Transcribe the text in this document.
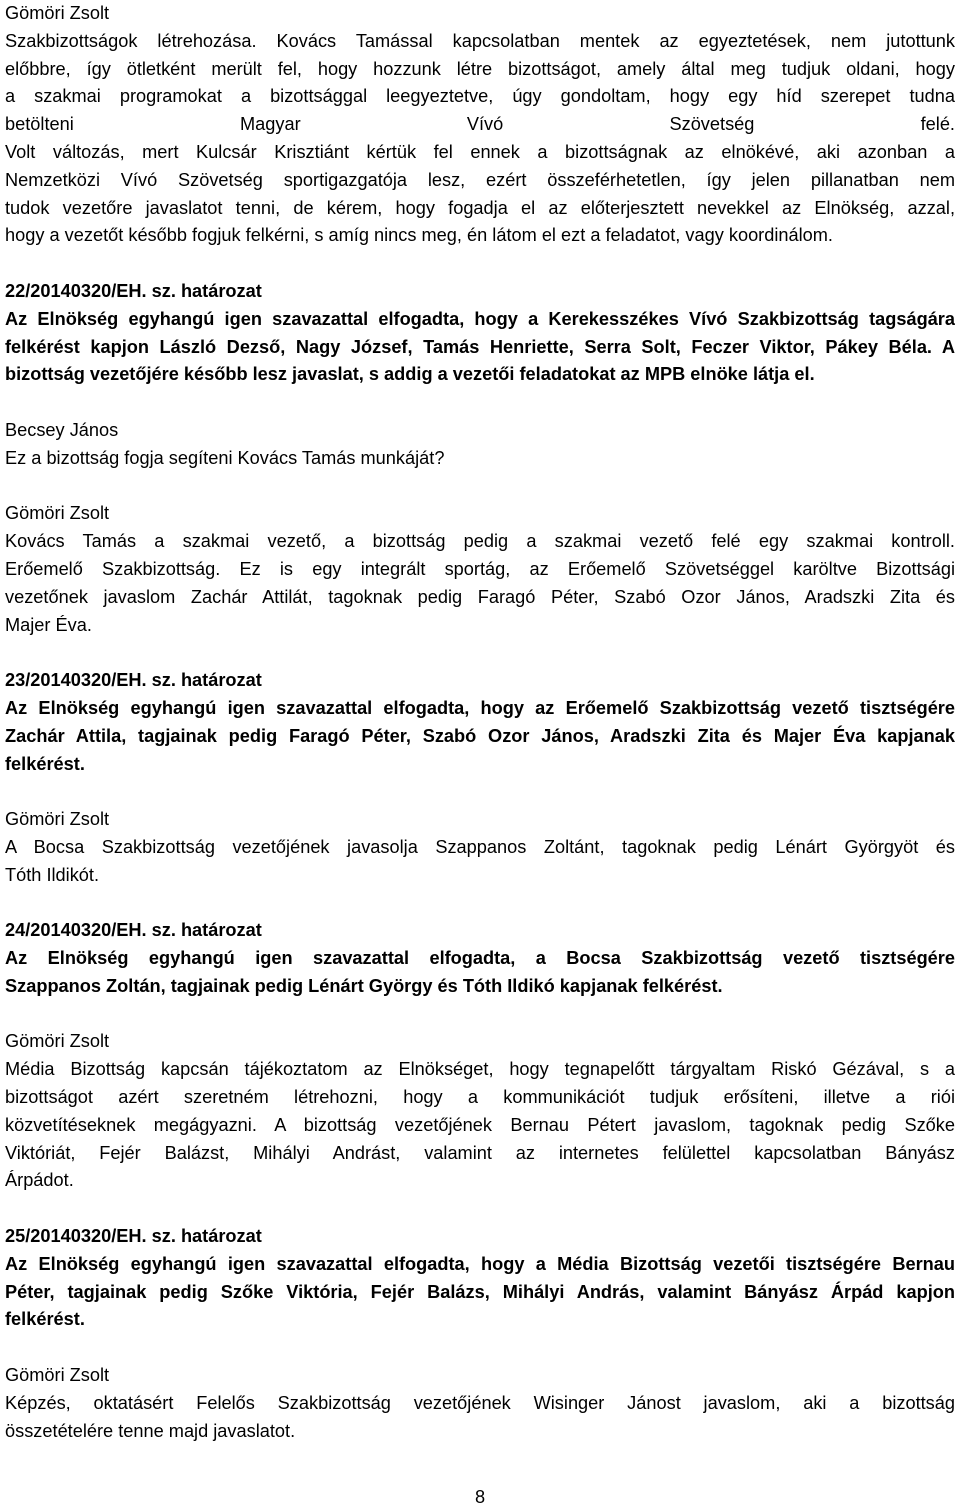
Gömöri Zsolt
Szakbizottságok létrehozása. Kovács Tamással kapcsolatban mentek az egyeztetések, nem jutottunk
előbbre, így ötletként merült fel, hogy hozzunk létre bizottságot, amely által meg tudjuk oldani, hogy
a szakmai programokat a bizottsággal leegyeztetve, úgy gondoltam, hogy egy híd szerepet tudna
betölteni Magyar Vívó Szövetség felé.
Volt változás, mert Kulcsár Krisztiánt kértük fel ennek a bizottságnak az elnökévé, aki azonban a
Nemzetközi Vívó Szövetség sportigazgatója lesz, ezért összeférhetetlen, így jelen pillanatban nem
tudok vezetőre javaslatot tenni, de kérem, hogy fogadja el az előterjesztett nevekkel az Elnökség, azzal,
hogy a vezetőt később fogjuk felkérni, s amíg nincs meg, én látom el ezt a feladatot, vagy koordinálom.
22/20140320/EH. sz. határozat
Az Elnökség egyhangú igen szavazattal elfogadta, hogy a Kerekesszékes Vívó Szakbizottság tagságára
felkérést kapjon László Dezső, Nagy József, Tamás Henriette, Serra Solt, Feczer Viktor, Pákey Béla. A
bizottság vezetőjére később lesz javaslat, s addig a vezetői feladatokat az MPB elnöke látja el.
Becsey János
Ez a bizottság fogja segíteni Kovács Tamás munkáját?
Gömöri Zsolt
Kovács Tamás a szakmai vezető, a bizottság pedig a szakmai vezető felé egy szakmai kontroll.
Erőemelő Szakbizottság. Ez is egy integrált sportág, az Erőemelő Szövetséggel karöltve Bizottsági
vezetőnek javaslom Zachár Attilát, tagoknak pedig Faragó Péter, Szabó Ozor János, Aradszki Zita és
Majer Éva.
23/20140320/EH. sz. határozat
Az Elnökség egyhangú igen szavazattal elfogadta, hogy az Erőemelő Szakbizottság vezető tisztségére
Zachár Attila, tagjainak pedig Faragó Péter, Szabó Ozor János, Aradszki Zita és Majer Éva kapjanak
felkérést.
Gömöri Zsolt
A Bocsa Szakbizottság vezetőjének javasolja Szappanos Zoltánt, tagoknak pedig Lénárt Györgyöt és
Tóth Ildikót.
24/20140320/EH. sz. határozat
Az Elnökség egyhangú igen szavazattal elfogadta, a Bocsa Szakbizottság vezető tisztségére
Szappanos Zoltán, tagjainak pedig Lénárt György és Tóth Ildikó kapjanak felkérést.
Gömöri Zsolt
Média Bizottság kapcsán tájékoztatom az Elnökséget, hogy tegnapelőtt tárgyaltam Riskó Gézával, s a
bizottságot azért szeretném létrehozni, hogy a kommunikációt tudjuk erősíteni, illetve a riói
közvetítéseknek megágyazni. A bizottság vezetőjének Bernau Pétert javaslom, tagoknak pedig Szőke
Viktóriát, Fejér Balázst, Mihályi Andrást, valamint az internetes felülettel kapcsolatban Bányász
Árpádot.
25/20140320/EH. sz. határozat
Az Elnökség egyhangú igen szavazattal elfogadta, hogy a Média Bizottság vezetői tisztségére Bernau
Péter, tagjainak pedig Szőke Viktória, Fejér Balázs, Mihályi András, valamint Bányász Árpád kapjon
felkérést.
Gömöri Zsolt
Képzés, oktatásért Felelős Szakbizottság vezetőjének Wisinger Jánost javaslom, aki a bizottság
összetételére tenne majd javaslatot.
8
